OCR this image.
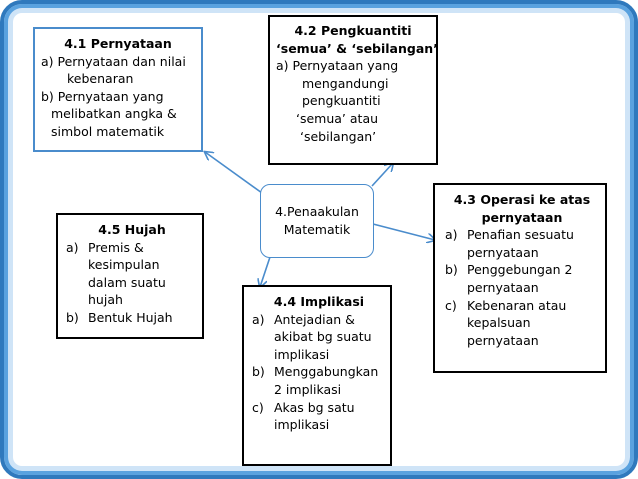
4.1 Pernyataan
a) Pernyataan dan nilai
kebenaran
b) Pernyataan yang
melibatkan angka &
simbol matematik
4.2 Pengkuantiti
‘semua’ & ‘sebilangan’
a) Pernyataan yang
mengandungi
pengkuantiti
‘semua’ atau
‘sebilangan’
4.Penaakulan
Matematik
4.3 Operasi ke atas
pernyataan
a) Penafian sesuatu
pernyataan
b) Penggebungan 2
pernyataan
c) Kebenaran atau
kepalsuan
pernyataan
4.5 Hujah
a) Premis &
kesimpulan
dalam suatu
hujah
b) Bentuk Hujah
4.4 Implikasi
a) Antejadian &
akibat bg suatu
implikasi
b) Menggabungkan
2 implikasi
c) Akas bg satu
implikasi
